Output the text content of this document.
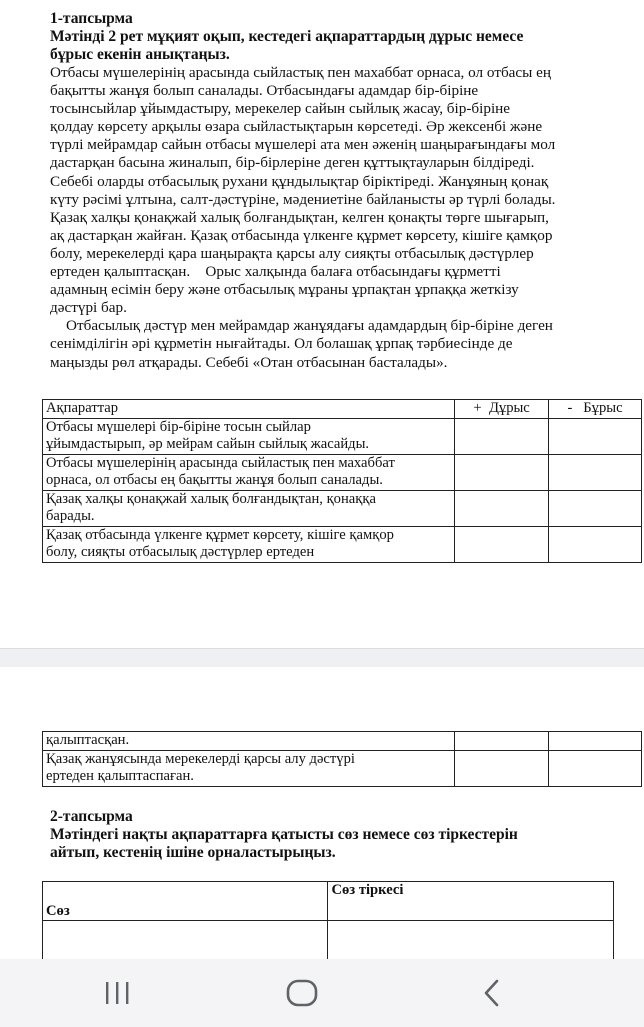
1-тапсырма
Мәтінді 2 рет мұқият оқып, кестедегі ақпараттардың дұрыс немесе
бұрыс екенін анықтаңыз.

Отбасы мүшелерінің арасында сыйластық пен махаббат орнаса, ол отбасы ең

бақытты жанұя болып саналады. Отбасындағы адамдар бір-біріне

тосынсыйлар ұйымдастыру, мерекелер сайын сыйлық жасау, бір-біріне

қолдау көрсету арқылы өзара сыйластықтарын көрсетеді. Әр жексенбі және

түрлі мейрамдар сайын отбасы мүшелері ата мен әженің шаңырағындағы мол

дастарқан басына жиналып, бір-бірлеріне деген құттықтауларын білдіреді.

Себебі оларды отбасылық рухани құндылықтар біріктіреді. Жанұяның қонақ

күту рәсімі ұлтына, салт-дәстүріне, мәдениетіне байланысты әр түрлі болады.

Қазақ халқы қонақжай халық болғандықтан, келген қонақты төрге шығарып,

ақ дастарқан жайған. Қазақ отбасында үлкенге құрмет көрсету, кішіге қамқор

болу, мерекелерді қара шаңырақта қарсы алу сияқты отбасылық дәстүрлер

ертеден қалыптасқан.    Орыс халқында балаға отбасындағы құрметті

адамның есімін беру және отбасылық мұраны ұрпақтан ұрпаққа жеткізу

дәстүрі бар.

Отбасылық дәстүр мен мейрамдар жанұядағы адамдардың бір-біріне деген

сенімділігін әрі құрметін нығайтады. Ол болашақ ұрпақ тәрбиесінде де

маңызды рөл атқарады. Себебі «Отан отбасынан басталады».

Ақпараттар	+  Дұрыс	-   Бұрыс

Отбасы мүшелері бір-біріне тосын сыйлар
ұйымдастырып, әр мейрам сайын сыйлық жасайды.		

Отбасы мүшелерінің арасында сыйластық пен махаббат
орнаса, ол отбасы ең бақытты жанұя болып саналады.		

Қазақ халқы қонақжай халық болғандықтан, қонаққа
барады.		

Қазақ отбасында үлкенге құрмет көрсету, кішіге қамқор
болу, сияқты отбасылық дәстүрлер ертеден		

қалыптасқан.		

Қазақ жанұясында мерекелерді қарсы алу дәстүрі
ертеден қалыптаспаған.		

2-тапсырма
Мәтіндегі нақты ақпараттарға қатысты сөз немесе сөз тіркестерін
айтып, кестенің ішіне орналастырыңыз.
Сөз	Сөз тіркесі
